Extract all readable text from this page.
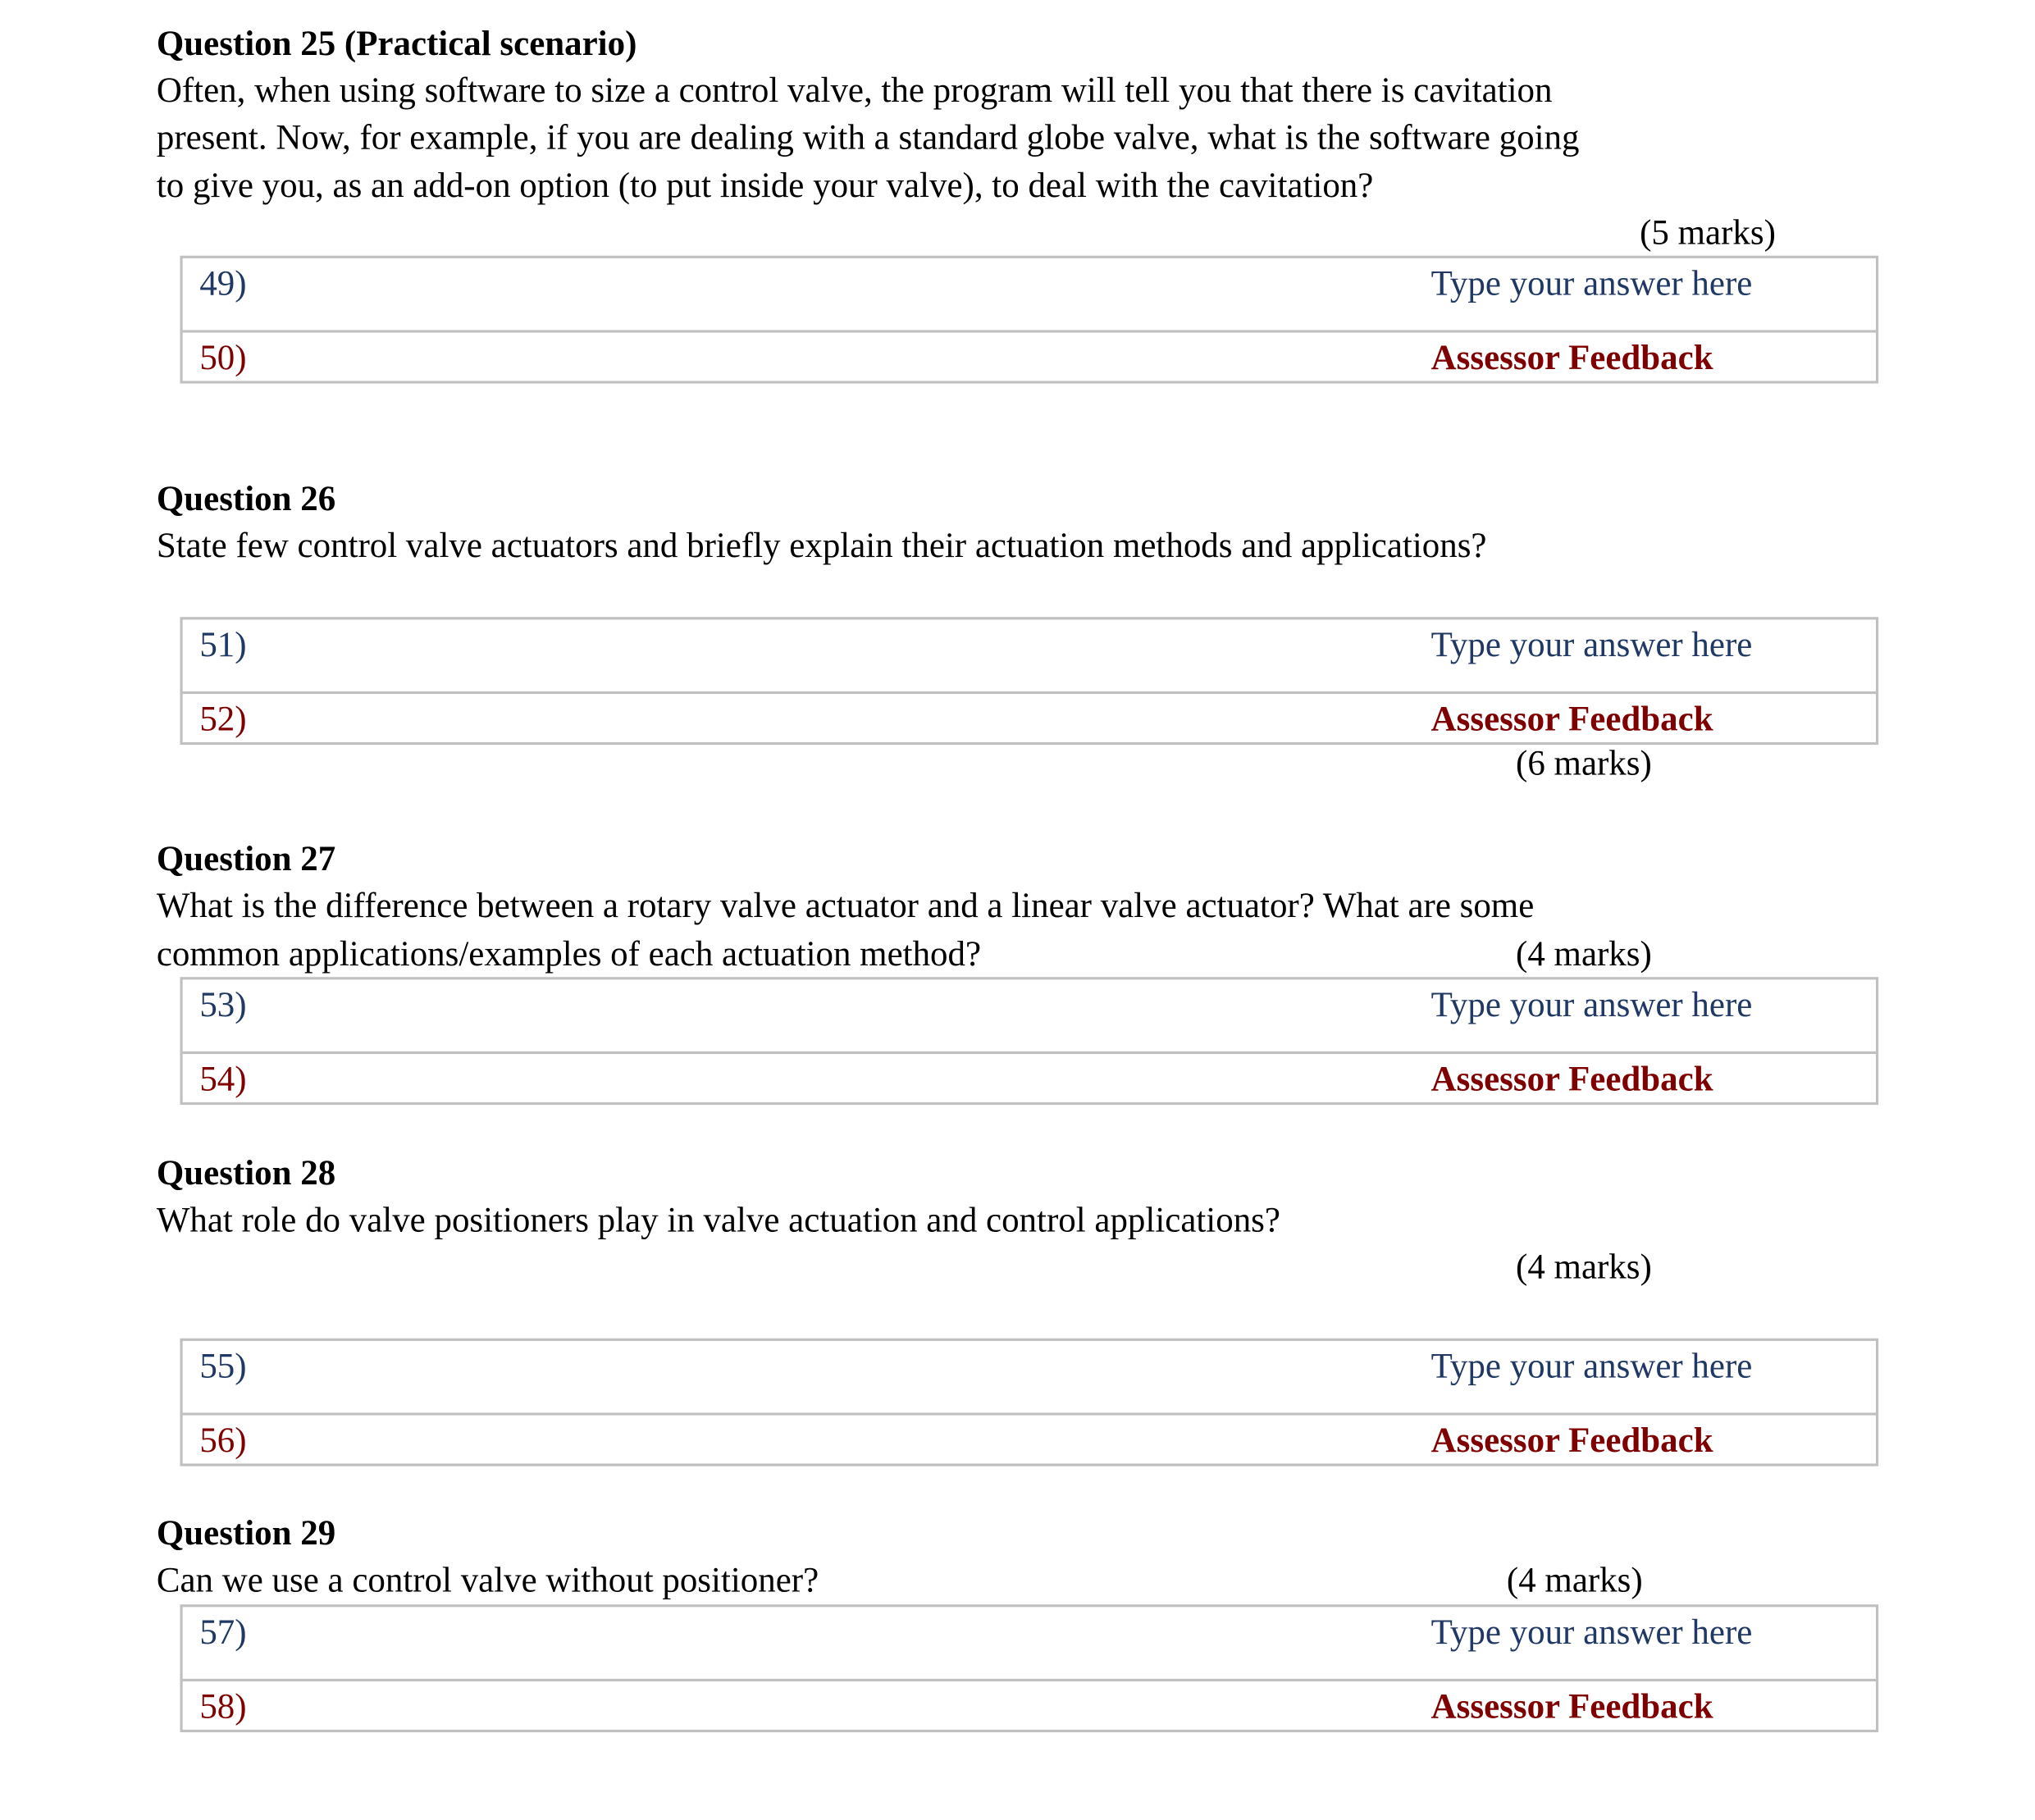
Question 25 (Practical scenario)
Often, when using software to size a control valve, the program will tell you that there is cavitation
present. Now, for example, if you are dealing with a standard globe valve, what is the software going
to give you, as an add-on option (to put inside your valve), to deal with the cavitation?
(5 marks)
49)	Type your answer here
50)	Assessor Feedback
Question 26
State few control valve actuators and briefly explain their actuation methods and applications?
(6 marks)
51)	Type your answer here
52)	Assessor Feedback
Question 27
What is the difference between a rotary valve actuator and a linear valve actuator? What are some
common applications/examples of each actuation method?	(4 marks)
53)	Type your answer here
54)	Assessor Feedback
Question 28
What role do valve positioners play in valve actuation and control applications?
(4 marks)
55)	Type your answer here
56)	Assessor Feedback
Question 29
Can we use a control valve without positioner?	(4 marks)
57)	Type your answer here
58)	Assessor Feedback
